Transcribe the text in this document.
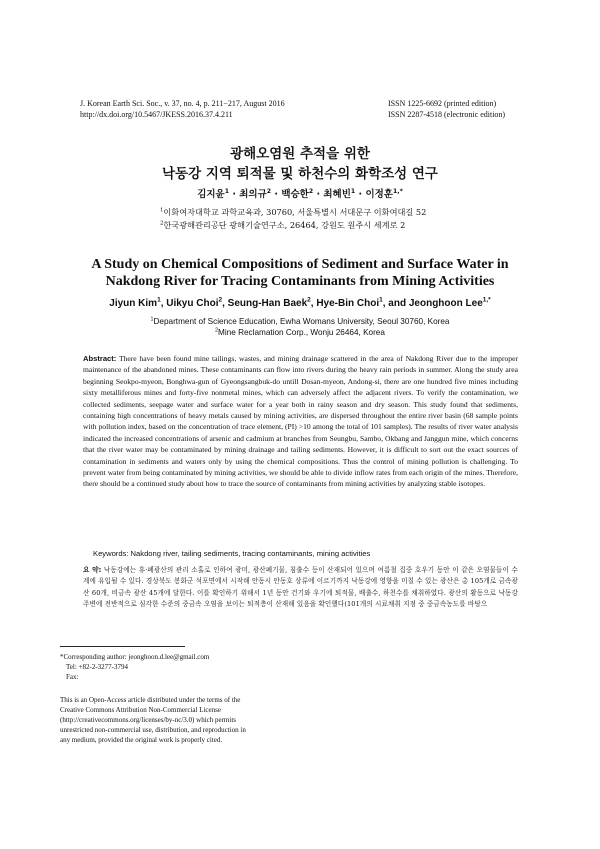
J. Korean Earth Sci. Soc., v. 37, no. 4, p. 211−217, August 2016
http://dx.doi.org/10.5467/JKESS.2016.37.4.211
ISSN 1225-6692 (printed edition)
ISSN 2287-4518 (electronic edition)
광해오염원 추적을 위한
낙동강 지역 퇴적물 및 하천수의 화학조성 연구
김지윤$^1$ · 최의규$^2$ · 백승한$^2$ · 최혜빈$^1$ · 이정훈$^{1,*}$
$^1$이화여자대학교 과학교육과, 30760, 서울특별시 서대문구 이화여대길 52
$^2$한국광해관리공단 광해기술연구소, 26464, 강원도 원주시 세계로 2
A Study on Chemical Compositions of Sediment and Surface Water in
Nakdong River for Tracing Contaminants from Mining Activities
Jiyun Kim$^1$, Uikyu Choi$^2$, Seung-Han Baek$^2$, Hye-Bin Choi$^1$, and Jeonghoon Lee$^{1,*}$
$^1$Department of Science Education, Ewha Womans University, Seoul 30760, Korea
$^2$Mine Reclamation Corp., Wonju 26464, Korea
Abstract: There have been found mine tailings, wastes, and mining drainage scattered in the area of Nakdong River due to the improper maintenance of the abandoned mines. These contaminants can flow into rivers during the heavy rain periods in summer. Along the study area beginning Seokpo-myeon, Bonghwa-gun of Gyeongsangbuk-do untill Dosan-myeon, Andong-si, there are one hundred five mines including sixty metalliferous mines and forty-five nonmetal mines, which can adversely affect the adjacent rivers. To verify the contamination, we collected sediments, seepage water and surface water for a year both in rainy season and dry season. This study found that sediments, containing high concentrations of heavy metals caused by mining activities, are dispersed throughout the entire river basin (68 sample points with pollution index, based on the concentration of trace element, (PI) >10 among the total of 101 samples). The results of river water analysis indicated the increased concentrations of arsenic and cadmium at branches from Seungbu, Sambo, Okbang and Janggun mine, which concerns that the river water may be contaminated by mining drainage and tailing sediments. However, it is difficult to sort out the exact sources of contamination in sediments and waters only by using the chemical compositions. Thus the control of mining pollution is challenging. To prevent water from being contaminated by mining activities, we should be able to divide inflow rates from each origin of the mines. Therefore, there should be a continued study about how to trace the source of contaminants from mining activities by analyzing stable isotopes.
Keywords: Nakdong river, tailing sediments, tracing contaminants, mining activities
요 약: 낙동강에는 휴·폐광산의 관리 소홀로 인하여 광미, 광산폐기물, 침출수 등이 산재되어 있으며 여름철 집중 호우기 동안 이 같은 오염물들이 수계에 유입될 수 있다. 경상북도 봉화군 석포면에서 시작해 안동시 안동호 상류에 이르기까지 낙동강에 영향을 미칠 수 있는 광산은 총 105개로 금속광산 60개, 비금속 광산 45개에 달한다. 이를 확인하기 위해서 1년 동안 건기와 우기에 퇴적물, 배출수, 하천수를 채취하였다. 광산의 활동으로 낙동강 주변에 전반적으로 심각한 수준의 중금속 오염을 보이는 퇴적층이 산재해 있음을 확인했다(101개의 시료채취 지점 중 중금속농도를 바탕으
*Corresponding author: jeonghoon.d.lee@gmail.com
Tel: +82-2-3277-3794
Fax:
This is an Open-Access article distributed under the terms of the Creative Commons Attribution Non-Commercial License (http://creativecommons.org/licenses/by-nc/3.0) which permits unrestricted non-commercial use, distribution, and reproduction in any medium, provided the original work is properly cited.
